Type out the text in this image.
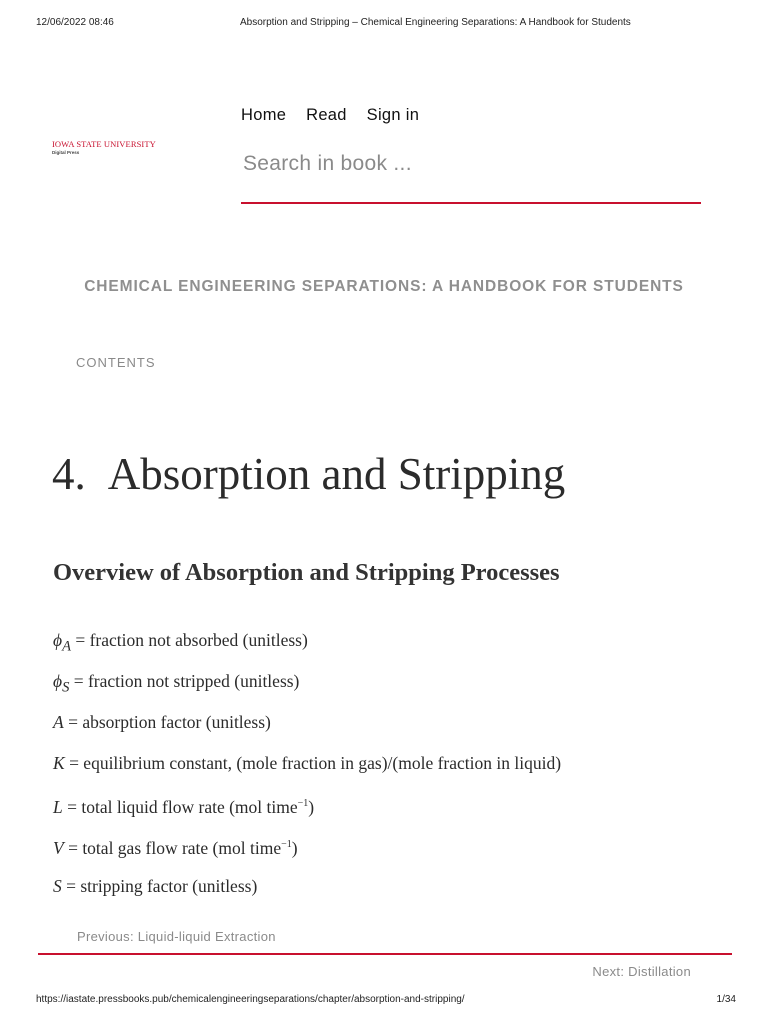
12/06/2022 08:46	Absorption and Stripping – Chemical Engineering Separations: A Handbook for Students
IOWA STATE UNIVERSITY
Digital Press
Home Read Sign in
Search in book ...
CHEMICAL ENGINEERING SEPARATIONS: A HANDBOOK FOR STUDENTS
CONTENTS
4. Absorption and Stripping
Overview of Absorption and Stripping Processes
$\phi_A$ = fraction not absorbed (unitless)
$\phi_S$ = fraction not stripped (unitless)
A = absorption factor (unitless)
K = equilibrium constant, (mole fraction in gas)/(mole fraction in liquid)
L = total liquid flow rate (mol time$^{-1}$)
V = total gas flow rate (mol time$^{-1}$)
S = stripping factor (unitless)
Previous: Liquid-liquid Extraction
Next: Distillation
https://iastate.pressbooks.pub/chemicalengineeringseparations/chapter/absorption-and-stripping/	1/34
